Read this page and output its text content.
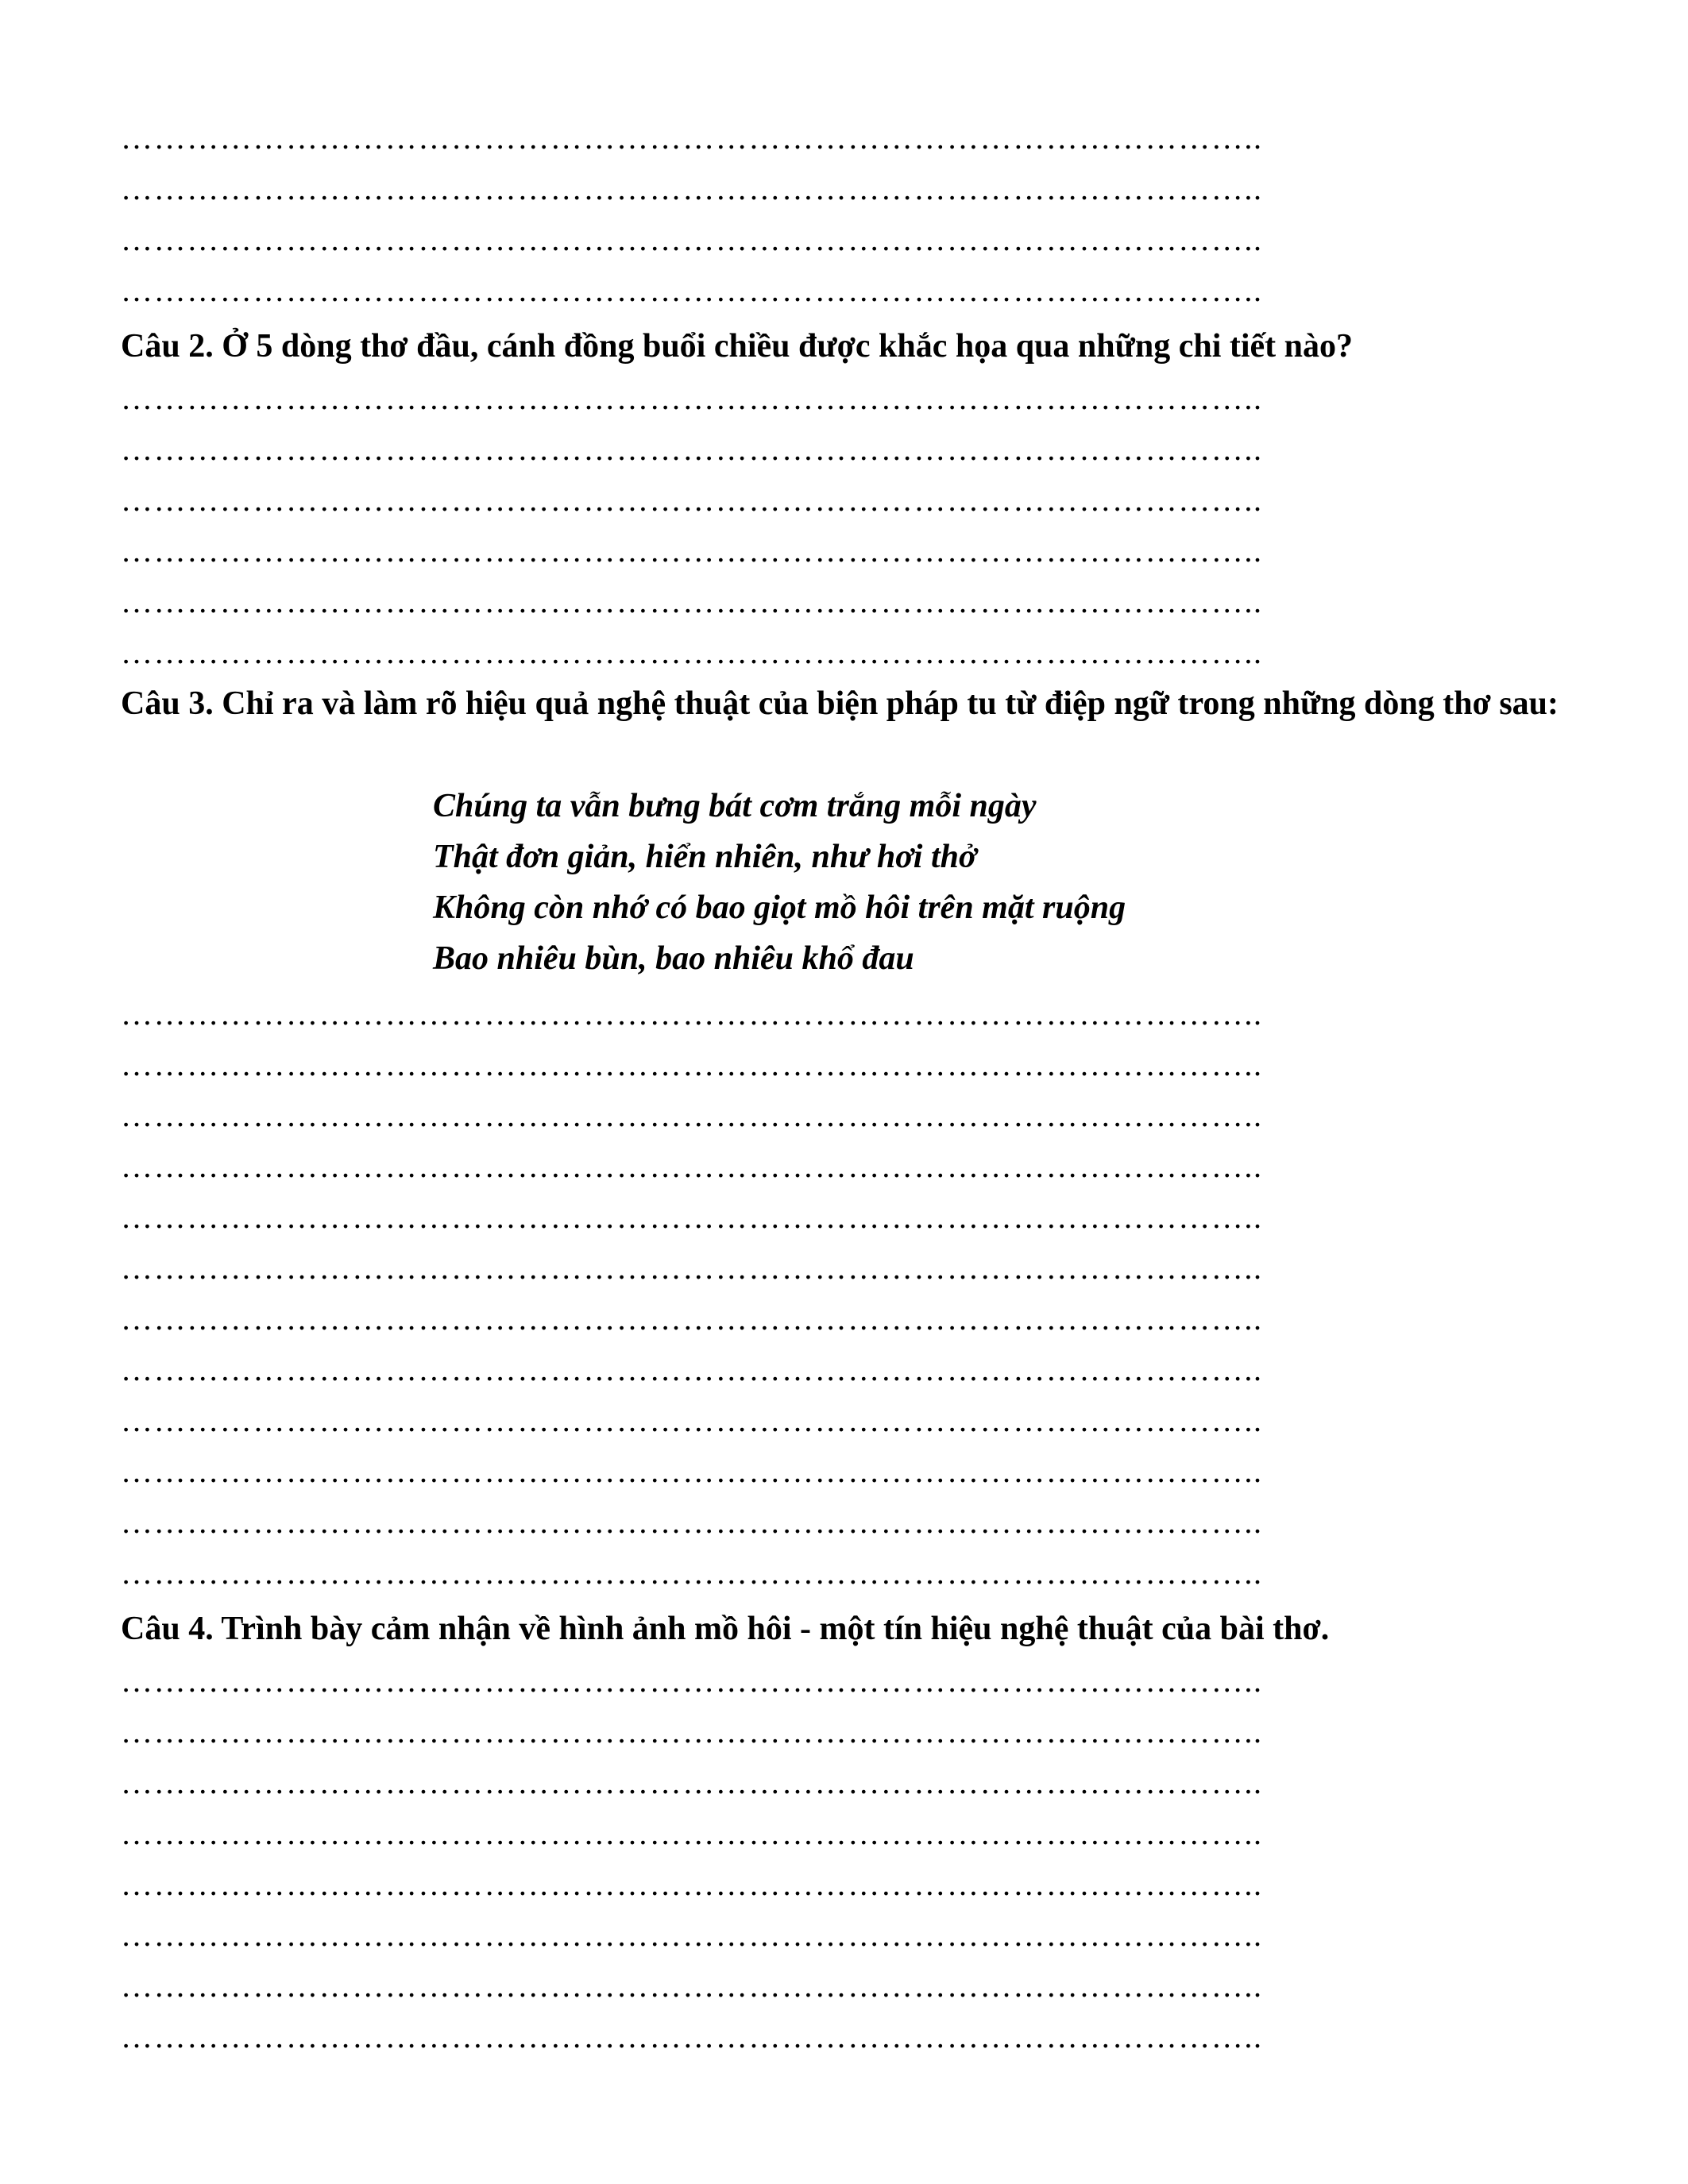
…………………………………………………………………………………………..
…………………………………………………………………………………………..
…………………………………………………………………………………………..
…………………………………………………………………………………………..
Câu 2. Ở 5 dòng thơ đầu, cánh đồng buổi chiều được khắc họa qua những chi tiết nào?
…………………………………………………………………………………………..
…………………………………………………………………………………………..
…………………………………………………………………………………………..
…………………………………………………………………………………………..
…………………………………………………………………………………………..
…………………………………………………………………………………………..
Câu 3. Chỉ ra và làm rõ hiệu quả nghệ thuật của biện pháp tu từ điệp ngữ trong những dòng thơ sau:
Chúng ta vẫn bưng bát cơm trắng mỗi ngày
Thật đơn giản, hiển nhiên, như hơi thở
Không còn nhớ có bao giọt mồ hôi trên mặt ruộng
Bao nhiêu bùn, bao nhiêu khổ đau
…………………………………………………………………………………………..
…………………………………………………………………………………………..
…………………………………………………………………………………………..
…………………………………………………………………………………………..
…………………………………………………………………………………………..
…………………………………………………………………………………………..
…………………………………………………………………………………………..
…………………………………………………………………………………………..
…………………………………………………………………………………………..
…………………………………………………………………………………………..
…………………………………………………………………………………………..
…………………………………………………………………………………………..
Câu 4. Trình bày cảm nhận về hình ảnh mồ hôi - một tín hiệu nghệ thuật của bài thơ.
…………………………………………………………………………………………..
…………………………………………………………………………………………..
…………………………………………………………………………………………..
…………………………………………………………………………………………..
…………………………………………………………………………………………..
…………………………………………………………………………………………..
…………………………………………………………………………………………..
…………………………………………………………………………………………..
